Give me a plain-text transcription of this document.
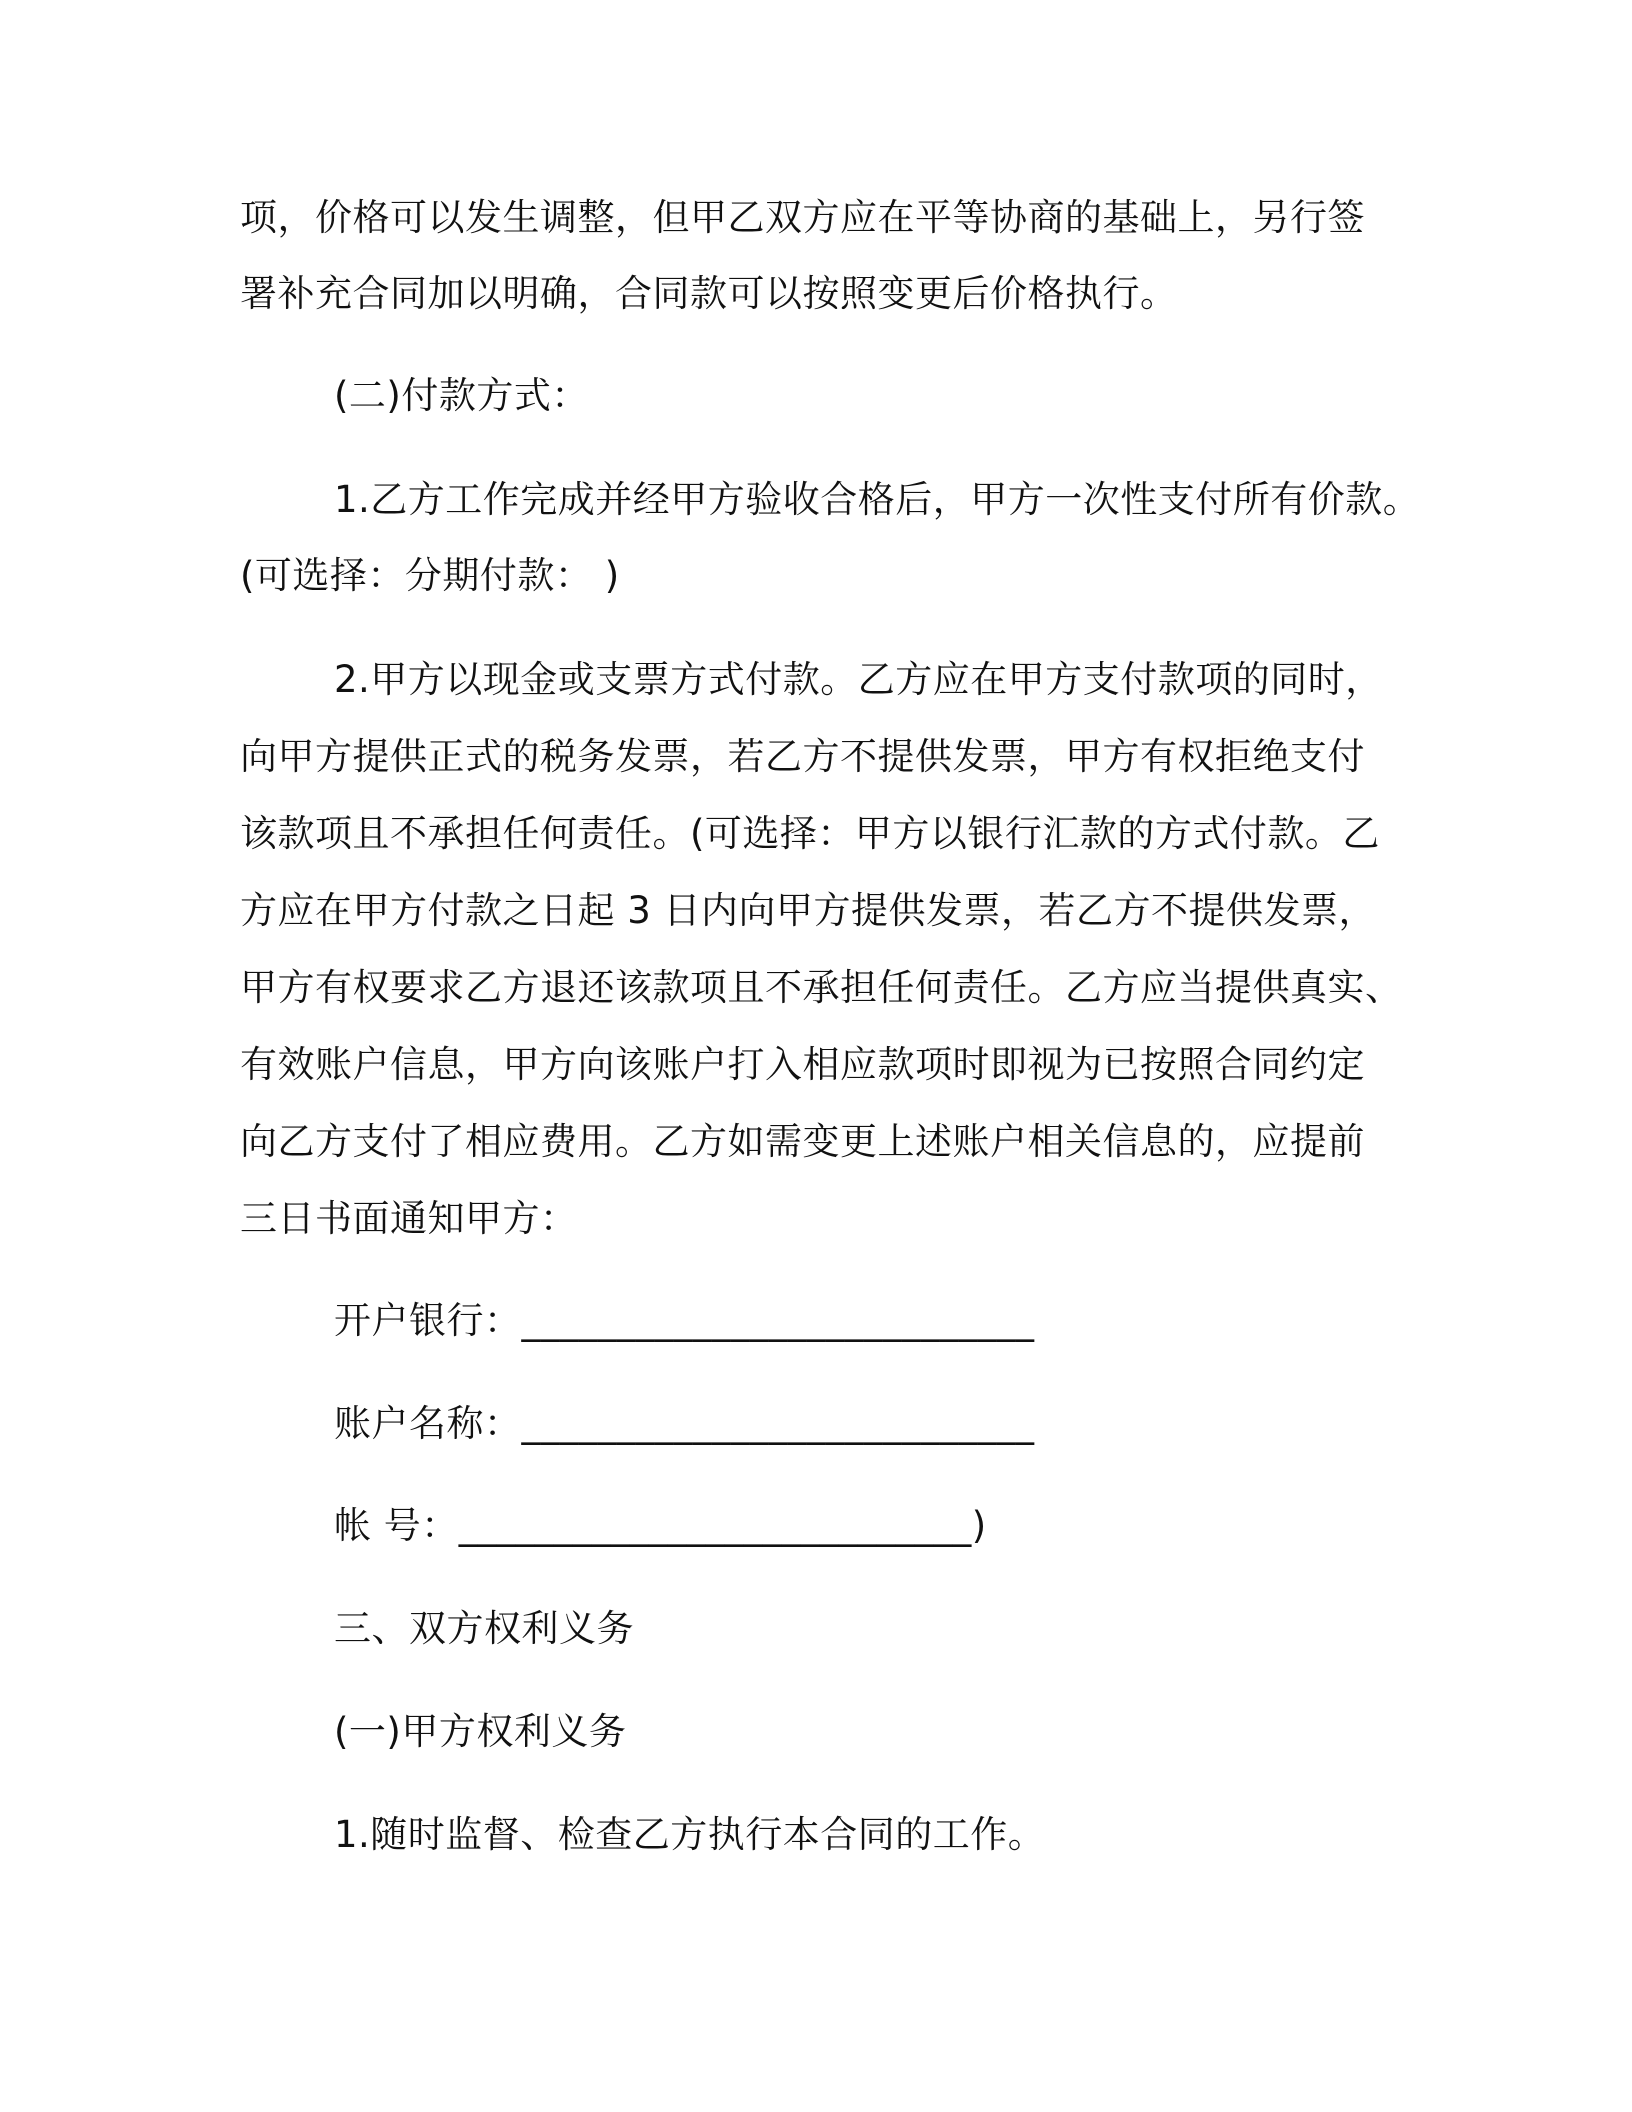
项，价格可以发生调整，但甲乙双方应在平等协商的基础上，另行签
署补充合同加以明确，合同款可以按照变更后价格执行。
(二)付款方式：
1.乙方工作完成并经甲方验收合格后，甲方一次性支付所有价款。
(可选择：分期付款： )
2.甲方以现金或支票方式付款。乙方应在甲方支付款项的同时，
向甲方提供正式的税务发票，若乙方不提供发票，甲方有权拒绝支付
该款项且不承担任何责任。(可选择：甲方以银行汇款的方式付款。乙
方应在甲方付款之日起 3 日内向甲方提供发票，若乙方不提供发票，
甲方有权要求乙方退还该款项且不承担任何责任。乙方应当提供真实、
有效账户信息，甲方向该账户打入相应款项时即视为已按照合同约定
向乙方支付了相应费用。乙方如需变更上述账户相关信息的，应提前
三日书面通知甲方：
开户银行：___________________________
账户名称：___________________________
帐 号：___________________________)
三、双方权利义务
(一)甲方权利义务
1.随时监督、检查乙方执行本合同的工作。
